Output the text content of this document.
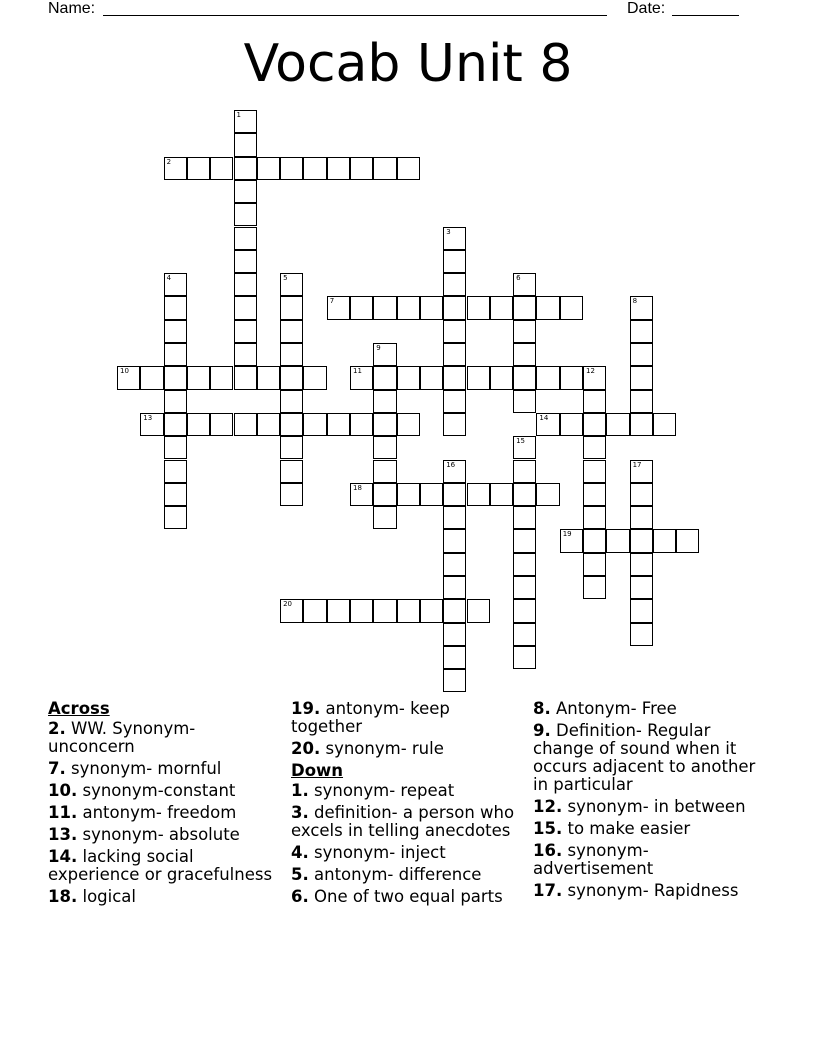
Name:	Date:
Vocab Unit 8
1
2
3
4	5	6
7	8
9
10	11	12
13	14
15
16	17
18
19
20
Across
2. WW. Synonym-unconcern
7. synonym- mornful
10. synonym-constant
11. antonym- freedom
13. synonym- absolute
14. lacking social experience or gracefulness
18. logical
19. antonym- keep together
20. synonym- rule
Down
1. synonym- repeat
3. definition- a person who excels in telling anecdotes
4. synonym- inject
5. antonym- difference
6. One of two equal parts
8. Antonym- Free
9. Definition- Regular change of sound when it occurs adjacent to another in particular
12. synonym- in between
15. to make easier
16. synonym- advertisement
17. synonym- Rapidness
